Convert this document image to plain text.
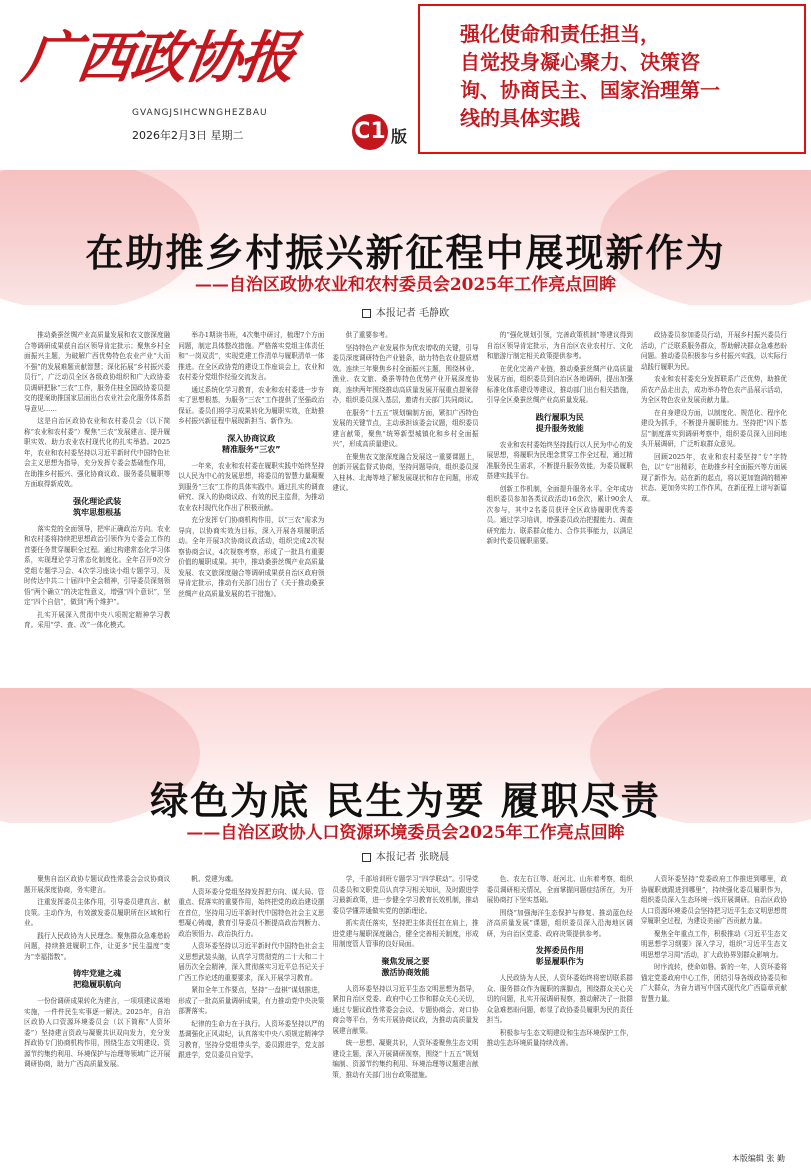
广西政协报
GVANGJSIHCWNGHEZBAU
2026年2月3日 星期二	C1 版
强化使命和责任担当，
自觉投身凝心聚力、决策咨
询、协商民主、国家治理第一
线的具体实践
在助推乡村振兴新征程中展现新作为
——自治区政协农业和农村委员会2025年工作亮点回眸
本报记者 毛静欧

推动桑蚕丝绸产业高质量发展和农文旅深度融合等调研成果获自治区领导肯定批示；聚焦乡村全面振兴主题，为破解广西优势特色农业产业“大而不强”的发展难题贡献智慧；深化拓展“乡村振兴委员行”，广泛动员全区各级政协组织和广大政协委员调研把脉“三农”工作，服务住桂全国政协委员提交的提案助推国家层面出台农业社会化服务体系指导意见……

这是自治区政协农业和农村委员会（以下简称“农业和农村委”）聚焦“三农”发展建言、提升履职实效、助力农业农村现代化的扎实举措。2025年，农业和农村委坚持以习近平新时代中国特色社会主义思想为指导，充分发挥专委会基础性作用，在助推乡村振兴、强化协商议政、服务委员履职等方面取得新成效。

强化理论武装
筑牢思想根基

落实党的全面领导，把牢正确政治方向。农业和农村委将持续把思想政治引领作为专委会工作的首要任务贯穿履职全过程。通过构建常态化学习体系，实现理论学习常态化制度化。全年召开9次分党组专题学习会、4次学习座谈小组专题学习，及时传达中共二十届四中全会精神，引导委员深刻领悟“两个确立”的决定性意义，增强“四个意识”，坚定“四个自信”，做到“两个维护”。

扎实开展深入贯彻中央八项规定精神学习教育。采用“学、查、改”一体化模式。

举办1期读书班，4次集中研讨，梳理7个方面问题，制定具体整改措施。严格落实党组主体责任和“一岗双责”，实现党建工作清单与履职清单一体推进。在全区政协党的建设工作座谈会上，农业和农村委分党组作经验交流发言。

通过系统化学习教育，农业和农村委进一步夯实了思想根基，为服务“三农”工作提供了坚强政治保证。委员们将学习成果转化为履职实效，在助推乡村振兴新征程中展现新担当、新作为。

深入协商议政
精准服务“三农”

一年来，农业和农村委在履职实践中始终坚持以人民为中心的发展思想，将委员的智慧力量凝聚到服务“三农”工作的具体实践中。通过扎实的调查研究、深入的协商议政、有效的民主监督，为推动农业农村现代化作出了积极贡献。

充分发挥专门协商机构作用，以“三农”需求为导向，以协商实效为目标，深入开展各项履职活动。全年开展3次协商议政活动，组织完成2次视察协商会议，4次视察考察，形成了一批具有重要价值的履职成果。其中，推动桑蚕丝绸产业高质量发展、农文旅深度融合等调研成果获自治区政府领导肯定批示，推动有关部门出台了《关于推动桑蚕丝绸产业高质量发展的若干措施》。

供了重要参考。

坚持特色产业发展作为优农增收的关键，引导委员深度调研特色产业链条，助力特色农业提质增效。连续三年聚焦乡村全面振兴主题，围绕林业、渔业、农文旅、桑蚕等特色优势产业开展深度协商，连续两年围绕推动高质量发展开展重点提案督办，组织委员深入基层，邀请有关部门共同商议。

在服务“十五五”规划编制方面，紧扣广西特色发展的关键节点，主动承担该委会议题，组织委员建言献策，聚焦“统筹新型城镇化和乡村全面振兴”，形成高质量建议。

在聚焦农文旅深度融合发展这一重要课题上，创新开展监督式协商，坚持问题导向，组织委员深入桂林、北海等地了解发展现状和存在问题，形成建议。

的“强化规划引领，完善政策机制”等建议得到自治区领导肯定批示，为自治区农业农村厅、文化和旅游厅制定相关政策提供参考。

在优化完善产业链，推动桑蚕丝绸产业高质量发展方面，组织委员到自治区各地调研，提出加强标准化体系建设等建议，推动部门出台相关措施，引导全区桑蚕丝绸产业高质量发展。

践行履职为民
提升服务效能

农业和农村委始终坚持践行以人民为中心的发展思想，将履职为民理念贯穿工作全过程，通过精准服务民生需求，不断提升服务效能，为委员履职搭建实践平台。

创新工作机制，全面提升服务水平。全年成功组织委员参加各类议政活动16余次，累计90余人次参与，其中2名委员获评全区政协履职优秀委员。通过学习培训，增强委员政治把握能力、调查研究能力、联系群众能力、合作共事能力，以满足新时代委员履职需要。

政协委员参加委员行动，开展乡村振兴委员行活动，广泛联系服务群众，帮助解决群众急难愁盼问题。推动委员积极参与乡村振兴实践，以实际行动践行履职为民。

农业和农村委充分发挥联系广泛优势，助推优质农产品走出去，成功举办特色农产品展示活动，为全区特色农业发展贡献力量。

在自身建设方面，以制度化、规范化、程序化建设为抓手，不断提升履职能力。坚持把“四下基层”制度落实到调研考察中，组织委员深入田间地头开展调研，广泛听取群众意见。

回顾2025年，农业和农村委坚持“专”字特色，以“专”出精彩，在助推乡村全面振兴等方面展现了新作为。站在新的起点，将以更加饱满的精神状态、更加务实的工作作风，在新征程上谱写新篇章。

绿色为底 民生为要 履职尽责
——自治区政协人口资源环境委员会2025年工作亮点回眸
本报记者 张晓晨

聚焦自治区政协专题议政性常委会会议协商议题开展深度协商，务实建言。

注重发挥委员主体作用，引导委员建真言、献良策。主动作为，有效激发委员履职所在区域和行业。

践行人民政协为人民理念。聚焦群众急难愁盼问题，持续推进履职工作，让更多“民生温度”变为“幸福指数”。

铸牢党建之魂
把稳履职航向

一份份调研成果转化为建言，一项项建议落地实施，一件件民生实事逐一解决。2025年，自治区政协人口资源环境委员会（以下简称“人资环委”）坚持建言资政与凝聚共识双向发力，充分发挥政协专门协商机构作用，围绕生态文明建设、资源节约集约利用、环境保护与治理等领域广泛开展调研协商，助力广西高质量发展。

帆、党建为魂。

人资环委分党组坚持发挥把方向、谋大局、管重点、促落实的重要作用，始终把党的政治建设摆在首位，坚持用习近平新时代中国特色社会主义思想凝心铸魂，教育引导委员不断提高政治判断力、政治领悟力、政治执行力。

人资环委坚持以习近平新时代中国特色社会主义思想武装头脑，认真学习贯彻党的二十大和二十届历次全会精神，深入贯彻落实习近平总书记关于广西工作论述的重要要求，深入开展学习教育。

紧扣全年工作要点，坚持“一盘棋”谋划推进，形成了一批高质量调研成果，有力推动党中央决策部署落实。

纪律的生命力在于执行。人资环委坚持以严的基调强化正风肃纪，认真落实中央八项规定精神学习教育，坚持分党组带头学，委员跟进学，党支部跟进学，党员委员自觉学。

学，千部培训班专题学习“四学联动”。引导党员委员和文职党员认真学习相关知识，及时跟进学习最新政策，进一步健全学习教育长效机制，推动委员学懂弄通做实党的创新理论。

抓实责任落实，坚持把主体责任扛在肩上，推进党建与履职深度融合，健全完善相关制度，形成用制度管人管事的良好局面。

聚焦发展之要
激活协商效能

人资环委坚持以习近平生态文明思想为指导，紧扣自治区党委、政府中心工作和群众关心关切，通过专题议政性常委会会议、专题协商会、对口协商会等平台，务实开展协商议政，为推动高质量发展建言献策。

统一思想、凝聚共识，人资环委聚焦生态文明建设主题，深入开展调研视察，围绕“十五五”规划编制、资源节约集约利用、环境治理等议题建言献策，推动有关部门出台政策措施。

色、农左右江等、赶河北、山东着考察，组织委员调研相关情况，全面掌握问题症结所在，为开展协商打下坚实基础。

围绕“加强海洋生态保护与修复、推动蓝色经济高质量发展”课题，组织委员深入沿海地区调研，为自治区党委、政府决策提供参考。

发挥委员作用
彰显履职作为

人民政协为人民，人资环委始终将密切联系群众、服务群众作为履职的落脚点，围绕群众关心关切的问题，扎实开展调研视察，推动解决了一批群众急难愁盼问题，彰显了政协委员履职为民的责任担当。

积极参与生态文明建设和生态环境保护工作，推动生态环境质量持续改善。

人资环委坚持“党委政府工作推进到哪里，政协履职就跟进到哪里”，持续强化委员履职作为，组织委员深入生态环境一线开展调研。自治区政协人口资源环境委员会坚持把习近平生态文明思想贯穿履职全过程，为建设美丽广西贡献力量。

聚焦全年重点工作，积极推动《习近平生态文明思想学习纲要》深入学习，组织“习近平生态文明思想学习周”活动，扩大政协界别群众影响力。

时序流转，使命如磐。新的一年，人资环委将锚定党委政府中心工作，团结引导各级政协委员和广大群众，为奋力谱写中国式现代化广西篇章贡献智慧力量。

本版编辑 张 勤
